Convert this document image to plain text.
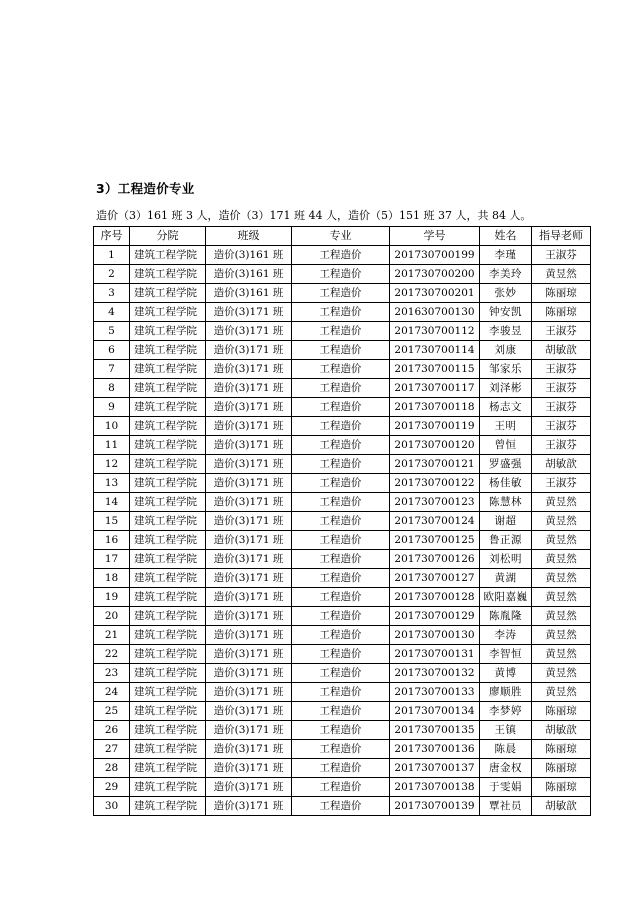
3）工程造价专业
造价（3）161 班 3 人，造价（3）171 班 44 人，造价（5）151 班 37 人，共 84 人。
序号	分院	班级	专业	学号	姓名	指导老师
1	建筑工程学院	造价(3)161 班	工程造价	201730700199	李瑾	王淑芬
2	建筑工程学院	造价(3)161 班	工程造价	201730700200	李美玲	黄昱然
3	建筑工程学院	造价(3)161 班	工程造价	201730700201	张妙	陈丽琼
4	建筑工程学院	造价(3)171 班	工程造价	201630700130	钟安凯	陈丽琼
5	建筑工程学院	造价(3)171 班	工程造价	201730700112	李骏昱	王淑芬
6	建筑工程学院	造价(3)171 班	工程造价	201730700114	刘康	胡敏歆
7	建筑工程学院	造价(3)171 班	工程造价	201730700115	邹家乐	王淑芬
8	建筑工程学院	造价(3)171 班	工程造价	201730700117	刘泽彬	王淑芬
9	建筑工程学院	造价(3)171 班	工程造价	201730700118	杨志文	王淑芬
10	建筑工程学院	造价(3)171 班	工程造价	201730700119	王明	王淑芬
11	建筑工程学院	造价(3)171 班	工程造价	201730700120	曾恒	王淑芬
12	建筑工程学院	造价(3)171 班	工程造价	201730700121	罗盛强	胡敏歆
13	建筑工程学院	造价(3)171 班	工程造价	201730700122	杨佳敏	王淑芬
14	建筑工程学院	造价(3)171 班	工程造价	201730700123	陈慧林	黄昱然
15	建筑工程学院	造价(3)171 班	工程造价	201730700124	谢超	黄昱然
16	建筑工程学院	造价(3)171 班	工程造价	201730700125	鲁正源	黄昱然
17	建筑工程学院	造价(3)171 班	工程造价	201730700126	刘松明	黄昱然
18	建筑工程学院	造价(3)171 班	工程造价	201730700127	黄湖	黄昱然
19	建筑工程学院	造价(3)171 班	工程造价	201730700128	欧阳嘉巍	黄昱然
20	建筑工程学院	造价(3)171 班	工程造价	201730700129	陈胤隆	黄昱然
21	建筑工程学院	造价(3)171 班	工程造价	201730700130	李涛	黄昱然
22	建筑工程学院	造价(3)171 班	工程造价	201730700131	李智恒	黄昱然
23	建筑工程学院	造价(3)171 班	工程造价	201730700132	黄博	黄昱然
24	建筑工程学院	造价(3)171 班	工程造价	201730700133	廖顺胜	黄昱然
25	建筑工程学院	造价(3)171 班	工程造价	201730700134	李梦婷	陈丽琼
26	建筑工程学院	造价(3)171 班	工程造价	201730700135	王镇	胡敏歆
27	建筑工程学院	造价(3)171 班	工程造价	201730700136	陈晨	陈丽琼
28	建筑工程学院	造价(3)171 班	工程造价	201730700137	唐金权	陈丽琼
29	建筑工程学院	造价(3)171 班	工程造价	201730700138	于雯娟	陈丽琼
30	建筑工程学院	造价(3)171 班	工程造价	201730700139	覃社员	胡敏歆
